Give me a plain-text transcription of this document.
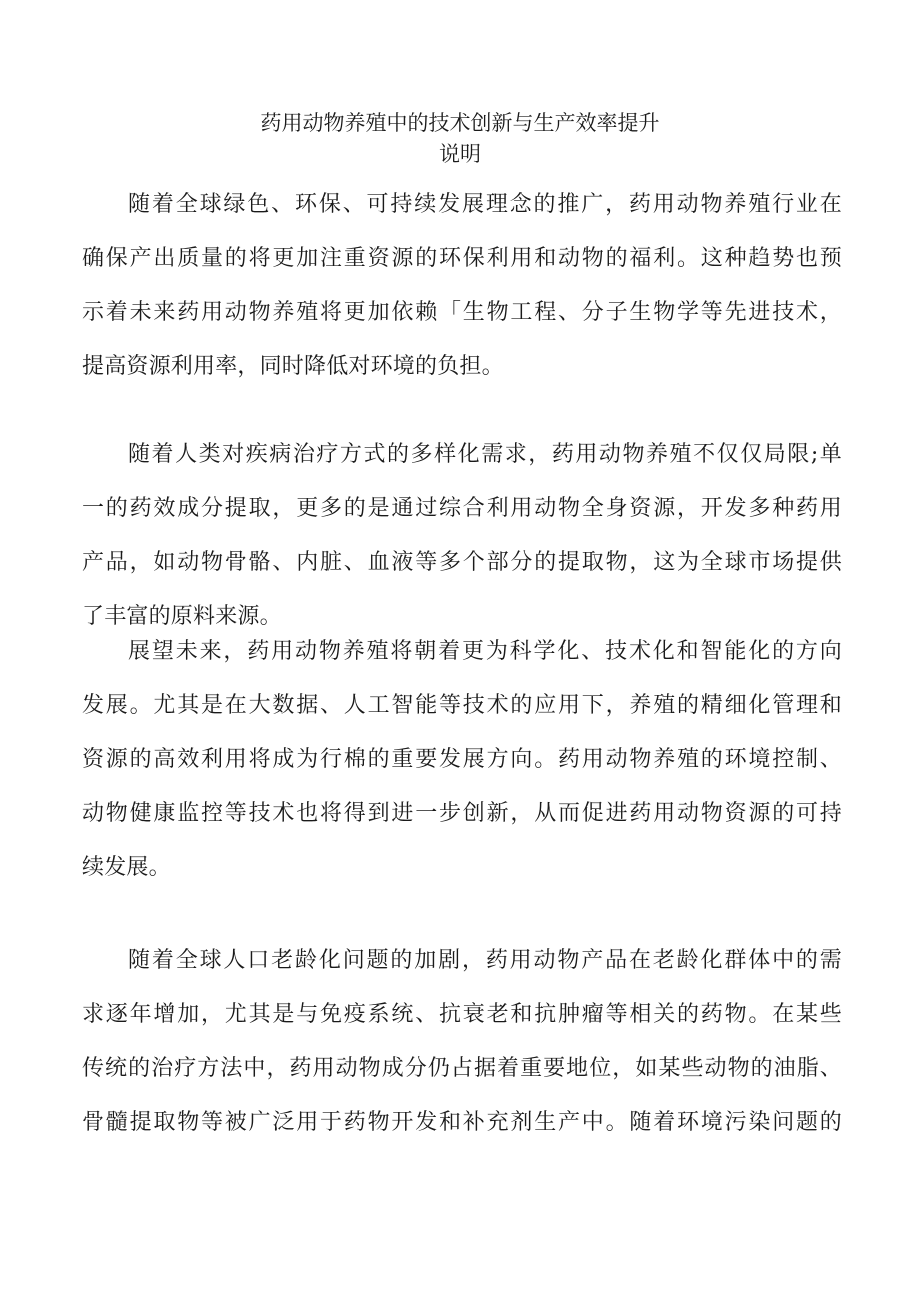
药用动物养殖中的技术创新与生产效率提升
说明
随着全球绿色、环保、可持续发展理念的推广，药用动物养殖行业在
确保产出质量的将更加注重资源的环保利用和动物的福利。这种趋势也预
示着未来药用动物养殖将更加依赖「生物工程、分子生物学等先进技术，
提高资源利用率，同时降低对环境的负担。
随着人类对疾病治疗方式的多样化需求，药用动物养殖不仅仅局限;单
一的药效成分提取，更多的是通过综合利用动物全身资源，开发多种药用
产品，如动物骨骼、内脏、血液等多个部分的提取物，这为全球市场提供
了丰富的原料来源。
展望未来，药用动物养殖将朝着更为科学化、技术化和智能化的方向
发展。尤其是在大数据、人工智能等技术的应用下，养殖的精细化管理和
资源的高效利用将成为行棉的重要发展方向。药用动物养殖的环境控制、
动物健康监控等技术也将得到进一步创新，从而促进药用动物资源的可持
续发展。
随着全球人口老龄化问题的加剧，药用动物产品在老龄化群体中的需
求逐年增加，尤其是与免疫系统、抗衰老和抗肿瘤等相关的药物。在某些
传统的治疗方法中，药用动物成分仍占据着重要地位，如某些动物的油脂、
骨髓提取物等被广泛用于药物开发和补充剂生产中。随着环境污染问题的
